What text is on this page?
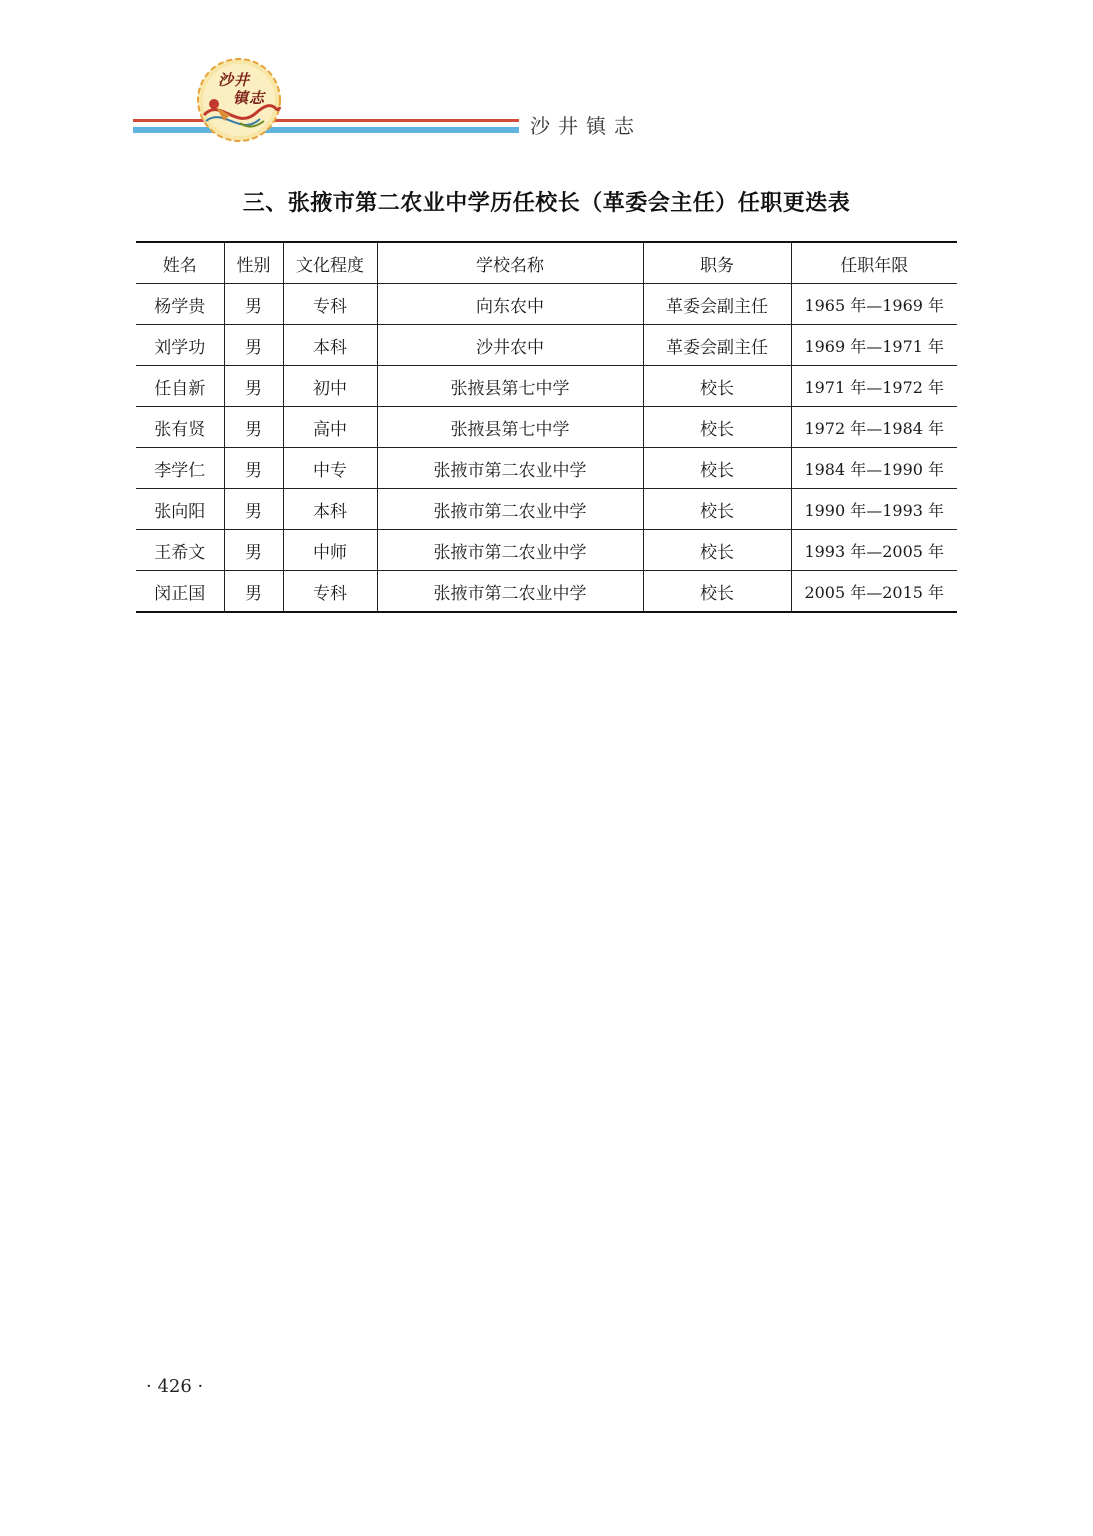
沙井
镇志
沙井镇志
三、张掖市第二农业中学历任校长（革委会主任）任职更迭表
姓名	性别	文化程度	学校名称	职务	任职年限
杨学贵	男	专科	向东农中	革委会副主任	1965 年—1969 年
刘学功	男	本科	沙井农中	革委会副主任	1969 年—1971 年
任自新	男	初中	张掖县第七中学	校长	1971 年—1972 年
张有贤	男	高中	张掖县第七中学	校长	1972 年—1984 年
李学仁	男	中专	张掖市第二农业中学	校长	1984 年—1990 年
张向阳	男	本科	张掖市第二农业中学	校长	1990 年—1993 年
王希文	男	中师	张掖市第二农业中学	校长	1993 年—2005 年
闵正国	男	专科	张掖市第二农业中学	校长	2005 年—2015 年
· 426 ·
